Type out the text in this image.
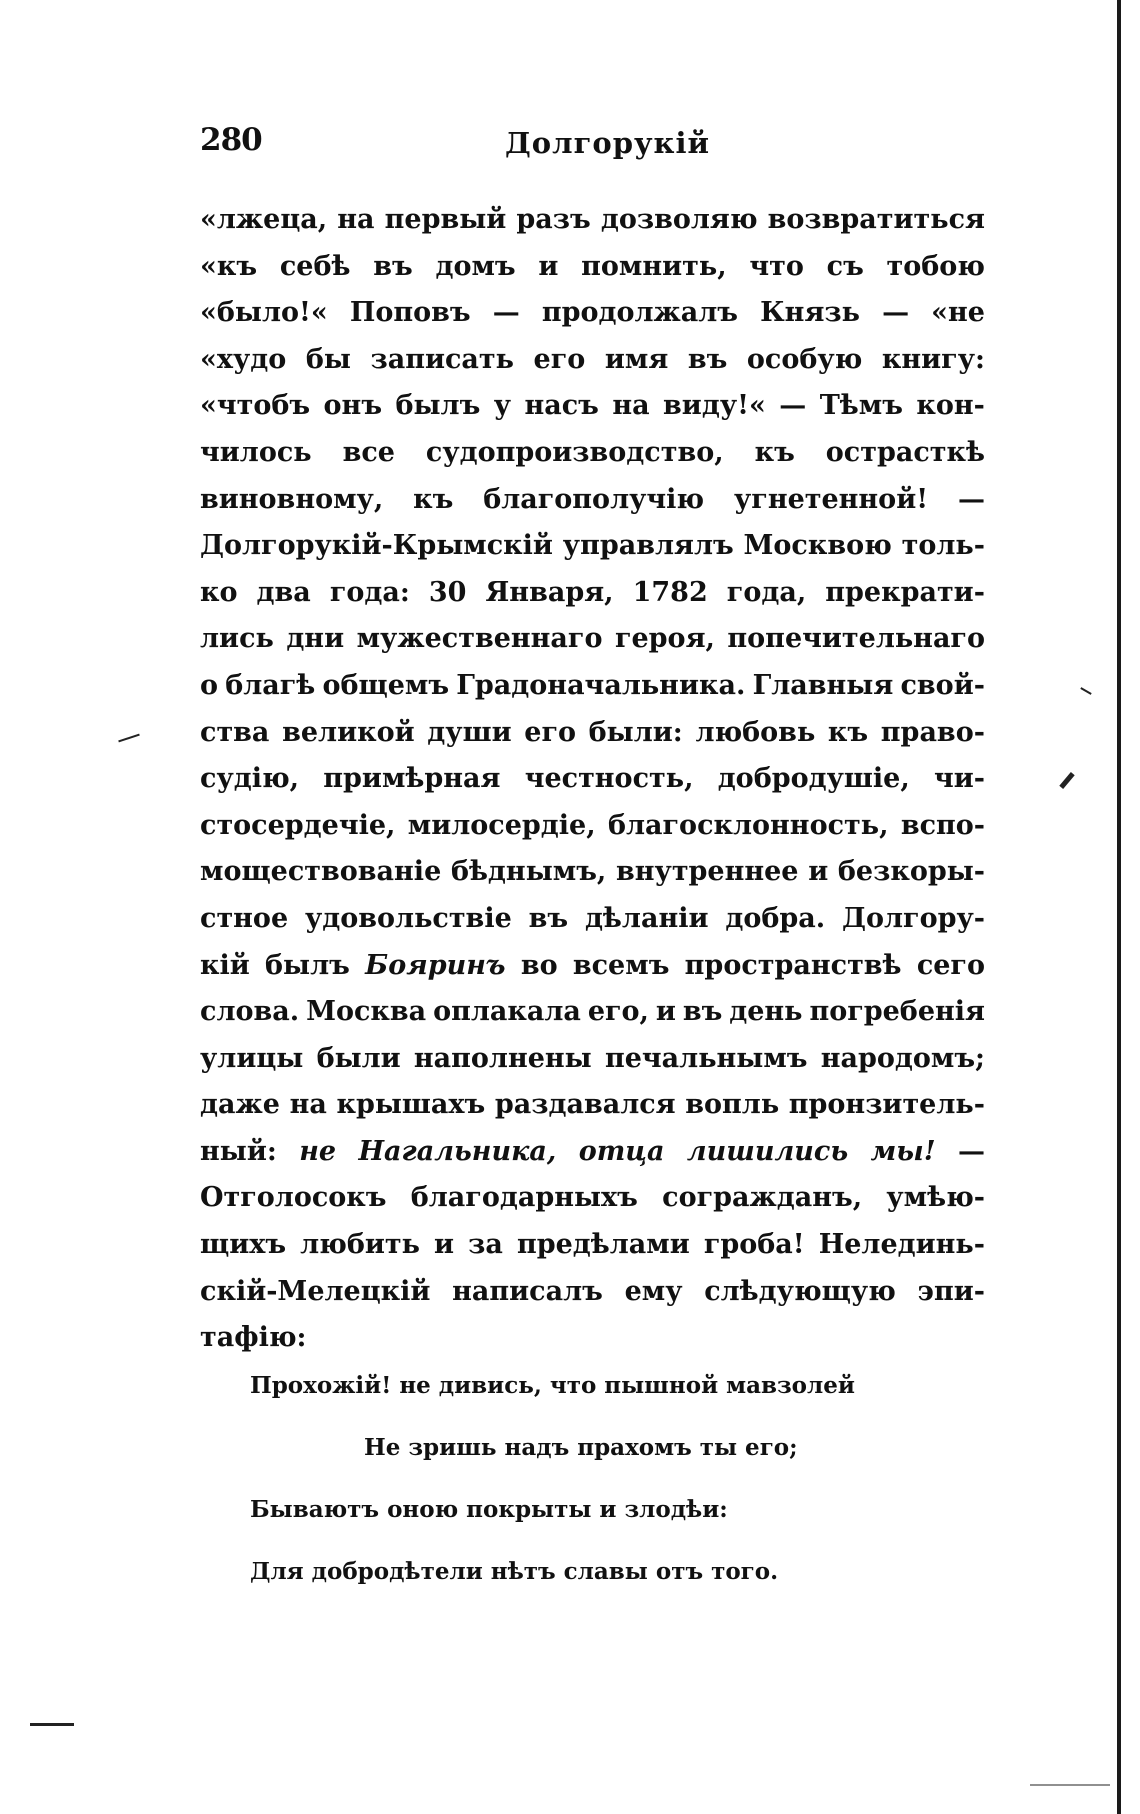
280	Долгорукій
«лжеца, на первый разъ дозволяю возвратиться
«къ себѣ въ домъ и помнить, что съ тобою
«было!« Поповъ — продолжалъ Князь — «не
«худо бы записать его имя въ особую книгу:
«чтобъ онъ былъ у насъ на виду!« — Тѣмъ кон-
чилось все судопроизводство, къ острасткѣ
виновному, къ благополучію угнетенной! —
Долгорукій-Крымскій управлялъ Москвою толь-
ко два года: 30 Января, 1782 года, прекрати-
лись дни мужественнаго героя, попечительнаго
о благѣ общемъ Градоначальника. Главныя свой-
ства великой души его были: любовь къ право-
судію, примѣрная честность, добродушіе, чи-
стосердечіе, милосердіе, благосклонность, вспо-
моществованіе бѣднымъ, внутреннее и безкоры-
стное удовольствіе въ дѣланіи добра. Долгору-
кій былъ Бояринъ во всемъ пространствѣ сего
слова. Москва оплакала его, и въ день погребенія
улицы были наполнены печальнымъ народомъ;
даже на крышахъ раздавался вопль пронзитель-
ный: не Нагальника, отца лишились мы! —
Отголосокъ благодарныхъ согражданъ, умѣю-
щихъ любить и за предѣлами гроба! Нелединь-
скій-Мелецкій написалъ ему слѣдующую эпи-
тафію:
Прохожій! не дивись, что пышной мавзолей
Не зришь надъ прахомъ ты его;
Бываютъ оною покрыты и злодѣи:
Для добродѣтели нѣтъ славы отъ того.
